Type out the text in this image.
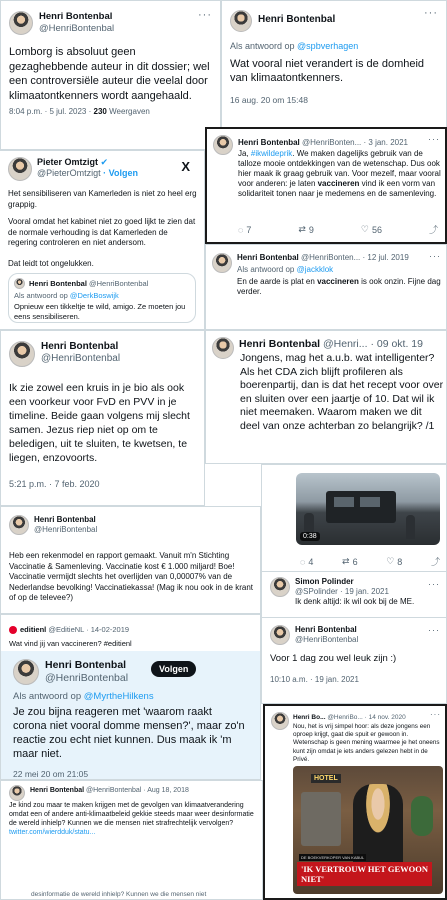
Henri Bontenbal
@HenriBontenbal
···
Lomborg is absoluut geen gezaghebbende auteur in dit dossier; wel een controversiële auteur die veelal door klimaatontkenners wordt aangehaald.
8:04 p.m. · 5 jul. 2023 · 230 Weergaven
Henri Bontenbal
···
Als antwoord op @spbverhagen
Wat vooral niet verandert is de domheid van klimaatontkenners.
16 aug. 20 om 15:48
Pieter Omtzigt ✔
@PieterOmtzigt · Volgen	X
Het sensibiliseren van Kamerleden is niet zo heel erg grappig.
Vooral omdat het kabinet niet zo goed lijkt te zien dat de normale verhouding is dat Kamerleden de regering controleren en niet andersom.
Dat leidt tot ongelukken.
Henri Bontenbal
@HenriBontenbal
Als antwoord op @DerkBoswijk
Opnieuw een tikkeltje te wild, amigo. Ze moeten jou eens sensibiliseren.
Henri Bontenbal @HenriBonten... · 3 jan. 2021 ···
Ja, #ikwildeprik. We maken dagelijks gebruik van de talloze mooie ontdekkingen van de wetenschap. Dus ook hier maak ik graag gebruik van. Voor mezelf, maar vooral voor anderen: je laten vaccineren vind ik een vorm van solidariteit tonen naar je medemens en de samenleving.
◌ 7	⇄ 9	♡ 56	⤴
Henri Bontenbal @HenriBonten... · 12 jul. 2019 ···
Als antwoord op @jackklok
En de aarde is plat en vaccineren is ook onzin. Fijne dag verder.
Henri Bontenbal
@HenriBontenbal
Ik zie zowel een kruis in je bio als ook een voorkeur voor FvD en PVV in je timeline. Beide gaan volgens mij slecht samen. Jezus riep niet op om te beledigen, uit te sluiten, te kwetsen, te liegen, enzovoorts.
5:21 p.m. · 7 feb. 2020
Henri Bontenbal @Henri... · 09 okt. 19
Jongens, mag het a.u.b. wat intelligenter? Als het CDA zich blijft profileren als boerenpartij, dan is dat het recept voor over en sluiten over een jaartje of 10. Dat wil ik niet meemaken. Waarom maken we dit deel van onze achterban zo belangrijk? /1
Henri Bontenbal
@HenriBontenbal
Heb een rekenmodel en rapport gemaakt. Vanuit m'n Stichting Vaccinatie & Samenleving. Vaccinatie kost € 1.000 miljard! Boe! Vaccinatie vermijdt slechts het overlijden van 0,00007% van de Nederlandse bevolking! Vaccinatiekassa! (Mag ik nou ook in de krant of op de televee?)
0:38
◌ 4	⇄ 6	♡ 8	⤴
Simon Polinder
@SPolinder · 19 jan. 2021
Ik denk altijd: ik wil ook bij de ME.
···
Henri Bontenbal
@HenriBontenbal
···
Voor 1 dag zou wel leuk zijn :)
10:10 a.m. · 19 jan. 2021
editienl
@EditieNL · 14-02-2019
Wat vind jij van vaccineren? #editienl
Henri Bontenbal
@HenriBontenbal
Volgen
Als antwoord op @MyrtheHilkens
Je zou bijna reageren met 'waarom raakt corona niet vooral domme mensen?', maar zo'n reactie zou echt niet kunnen. Dus maak ik 'm maar niet.
22 mei 20 om 21:05
Henri Bo... @HenriBo... · 14 nov. 2020	···
Nou, het is vrij simpel hoor: als deze jongens een oproep krijgt, gaat die spuit er gewoon in. Wetenschap is geen mening waarmee je het oneens kunt zijn omdat je iets anders gelezen hebt in de Privé.
HOTEL
DE BOEKVERKOPER VAN KABUL
'IK VERTROUW HET GEWOON
NIET'
Henri Bontenbal @HenriBontenbal · Aug 18, 2018
Je kind zou maar te maken krijgen met de gevolgen van klimaatverandering omdat een of andere anti-klimaatbeleid gekkie steeds maar weer desinformatie de wereld inhielp? Kunnen we die mensen niet strafrechtelijk vervolgen? twitter.com/wierdduk/statu...
desinformatie de wereld inhielp? Kunnen we die mensen niet
